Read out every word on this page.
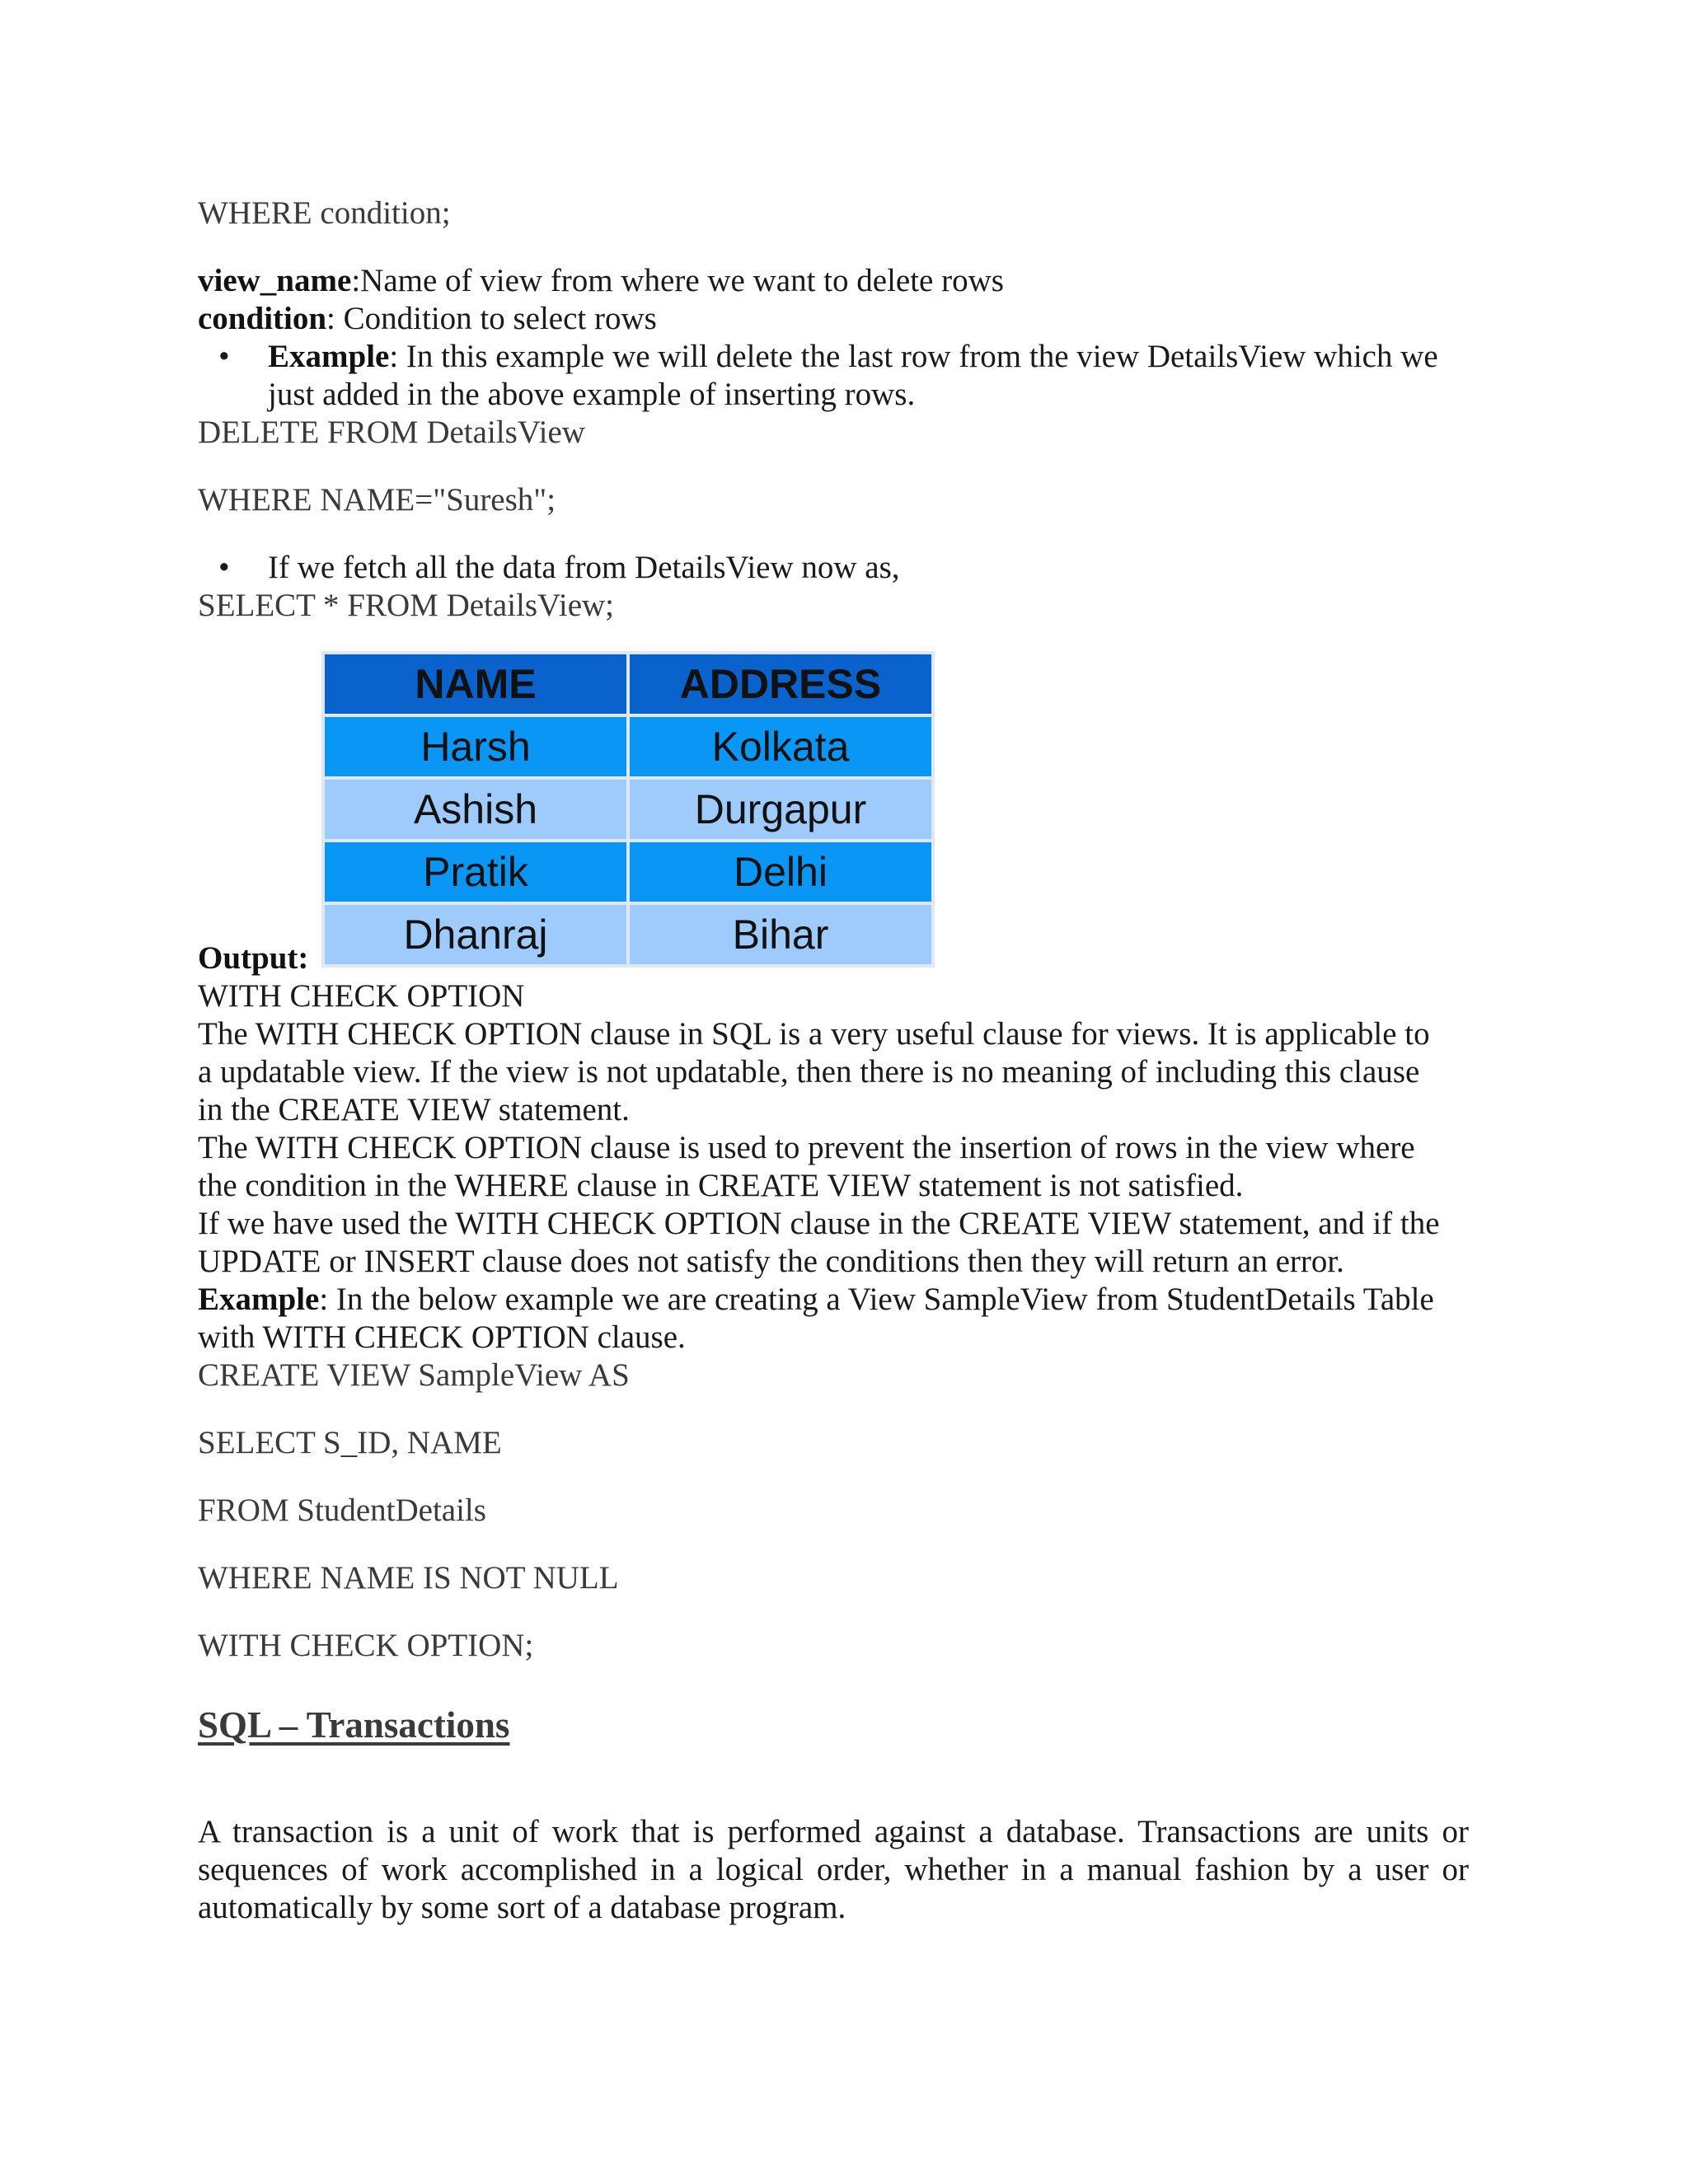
WHERE condition;

view_name:Name of view from where we want to delete rows

condition: Condition to select rows

• Example: In this example we will delete the last row from the view DetailsView which we

just added in the above example of inserting rows.

DELETE FROM DetailsView

WHERE NAME="Suresh";

• If we fetch all the data from DetailsView now as,

SELECT * FROM DetailsView;

NAME	ADDRESS
Harsh	Kolkata
Ashish	Durgapur
Pratik	Delhi
Dhanraj	Bihar

Output:

WITH CHECK OPTION

The WITH CHECK OPTION clause in SQL is a very useful clause for views. It is applicable to

a updatable view. If the view is not updatable, then there is no meaning of including this clause

in the CREATE VIEW statement.

The WITH CHECK OPTION clause is used to prevent the insertion of rows in the view where

the condition in the WHERE clause in CREATE VIEW statement is not satisfied.

If we have used the WITH CHECK OPTION clause in the CREATE VIEW statement, and if the

UPDATE or INSERT clause does not satisfy the conditions then they will return an error.

Example: In the below example we are creating a View SampleView from StudentDetails Table

with WITH CHECK OPTION clause.

CREATE VIEW SampleView AS

SELECT S_ID, NAME

FROM StudentDetails

WHERE NAME IS NOT NULL

WITH CHECK OPTION;

SQL – Transactions
A transaction is a unit of work that is performed against a database. Transactions are units or
sequences of work accomplished in a logical order, whether in a manual fashion by a user or

automatically by some sort of a database program.
